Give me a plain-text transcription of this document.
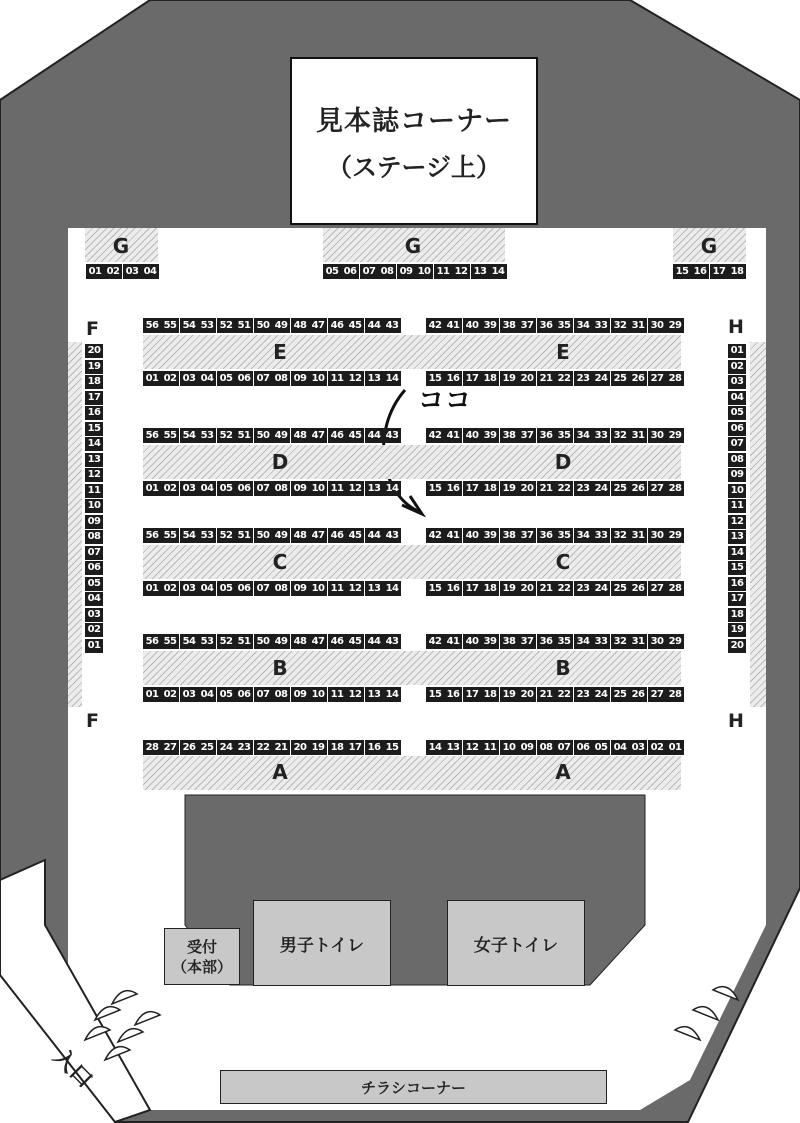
見本誌コーナー
（ステージ上）
G	G	G
01 02 03 04	05 06 07 08 09 10 11 12 13 14	15 16 17 18
F
F
H
H
20
19
18
17
16
15
14
13
12
11
10
09
08
07
06
05
04
03
02
01
01
02
03
04
05
06
07
08
09
10
11
12
13
14
15
16
17
18
19
20
E	E
56 55 54 53 52 51 50 49 48 47 46 45 44 43	42 41 40 39 38 37 36 35 34 33 32 31 30 29
01 02 03 04 05 06 07 08 09 10 11 12 13 14	15 16 17 18 19 20 21 22 23 24 25 26 27 28
D	D
56 55 54 53 52 51 50 49 48 47 46 45 44 43	42 41 40 39 38 37 36 35 34 33 32 31 30 29
01 02 03 04 05 06 07 08 09 10 11 12 13 14	15 16 17 18 19 20 21 22 23 24 25 26 27 28
C	C
56 55 54 53 52 51 50 49 48 47 46 45 44 43	42 41 40 39 38 37 36 35 34 33 32 31 30 29
01 02 03 04 05 06 07 08 09 10 11 12 13 14	15 16 17 18 19 20 21 22 23 24 25 26 27 28
B	B
56 55 54 53 52 51 50 49 48 47 46 45 44 43	42 41 40 39 38 37 36 35 34 33 32 31 30 29
01 02 03 04 05 06 07 08 09 10 11 12 13 14	15 16 17 18 19 20 21 22 23 24 25 26 27 28
A	A
28 27 26 25 24 23 22 21 20 19 18 17 16 15	14 13 12 11 10 09 08 07 06 05 04 03 02 01
ココ
受付
（本部）
男子トイレ	女子トイレ
チラシコーナー
入口
